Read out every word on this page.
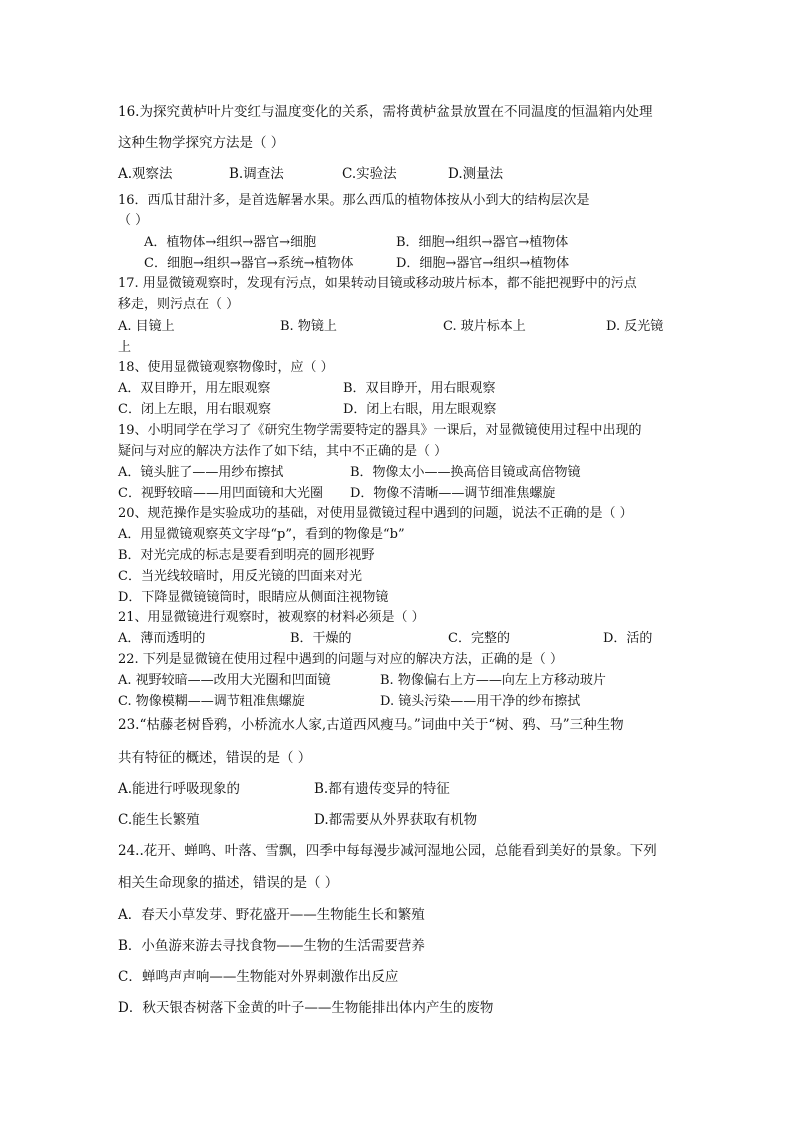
16.为探究黄栌叶片变红与温度变化的关系，需将黄栌盆景放置在不同温度的恒温箱内处理
这种生物学探究方法是（ ）
A.观察法	B.调查法	C.实验法	D.测量法
16．西瓜甘甜汁多，是首选解暑水果。那么西瓜的植物体按从小到大的结构层次是
（ ）
A．植物体→组织→器官→细胞	B．细胞→组织→器官→植物体
C．细胞→组织→器官→系统→植物体	D．细胞→器官→组织→植物体
17. 用显微镜观察时，发现有污点，如果转动目镜或移动玻片标本，都不能把视野中的污点
移走，则污点在（ ）
A. 目镜上	B. 物镜上	C. 玻片标本上	D. 反光镜
上
18、使用显微镜观察物像时，应（ ）
A．双目睁开，用左眼观察	B．双目睁开，用右眼观察
C．闭上左眼，用右眼观察	D．闭上右眼，用左眼观察
19、小明同学在学习了《研究生物学需要特定的器具》一课后，对显微镜使用过程中出现的
疑问与对应的解决方法作了如下结，其中不正确的是（ ）
A．镜头脏了——用纱布擦拭	B．物像太小——换高倍目镜或高倍物镜
C．视野较暗——用凹面镜和大光圈 D．物像不清晰——调节细准焦螺旋
20、规范操作是实验成功的基础，对使用显微镜过程中遇到的问题，说法不正确的是（ ）
A．用显微镜观察英文字母“p”，看到的物像是“b”
B．对光完成的标志是要看到明亮的圆形视野
C．当光线较暗时，用反光镜的凹面来对光
D．下降显微镜镜筒时，眼睛应从侧面注视物镜
21、用显微镜进行观察时，被观察的材料必须是（ ）
A．薄而透明的	B．干燥的	C．完整的	D．活的
22. 下列是显微镜在使用过程中遇到的问题与对应的解决方法，正确的是（ ）
A. 视野较暗——改用大光圈和凹面镜	B. 物像偏右上方——向左上方移动玻片
C. 物像模糊——调节粗准焦螺旋	D. 镜头污染——用干净的纱布擦拭
23.“枯藤老树昏鸦，小桥流水人家,古道西风瘦马。”词曲中关于“树、鸦、马”三种生物
共有特征的概述，错误的是（ ）
A.能进行呼吸现象的	B.都有遗传变异的特征
C.能生长繁殖	D.都需要从外界获取有机物
24..花开、蝉鸣、叶落、雪飘，四季中每每漫步减河湿地公园，总能看到美好的景象。下列
相关生命现象的描述，错误的是（ ）
A．春天小草发芽、野花盛开——生物能生长和繁殖
B．小鱼游来游去寻找食物——生物的生活需要营养
C．蝉鸣声声响——生物能对外界刺激作出反应
D．秋天银杏树落下金黄的叶子——生物能排出体内产生的废物
